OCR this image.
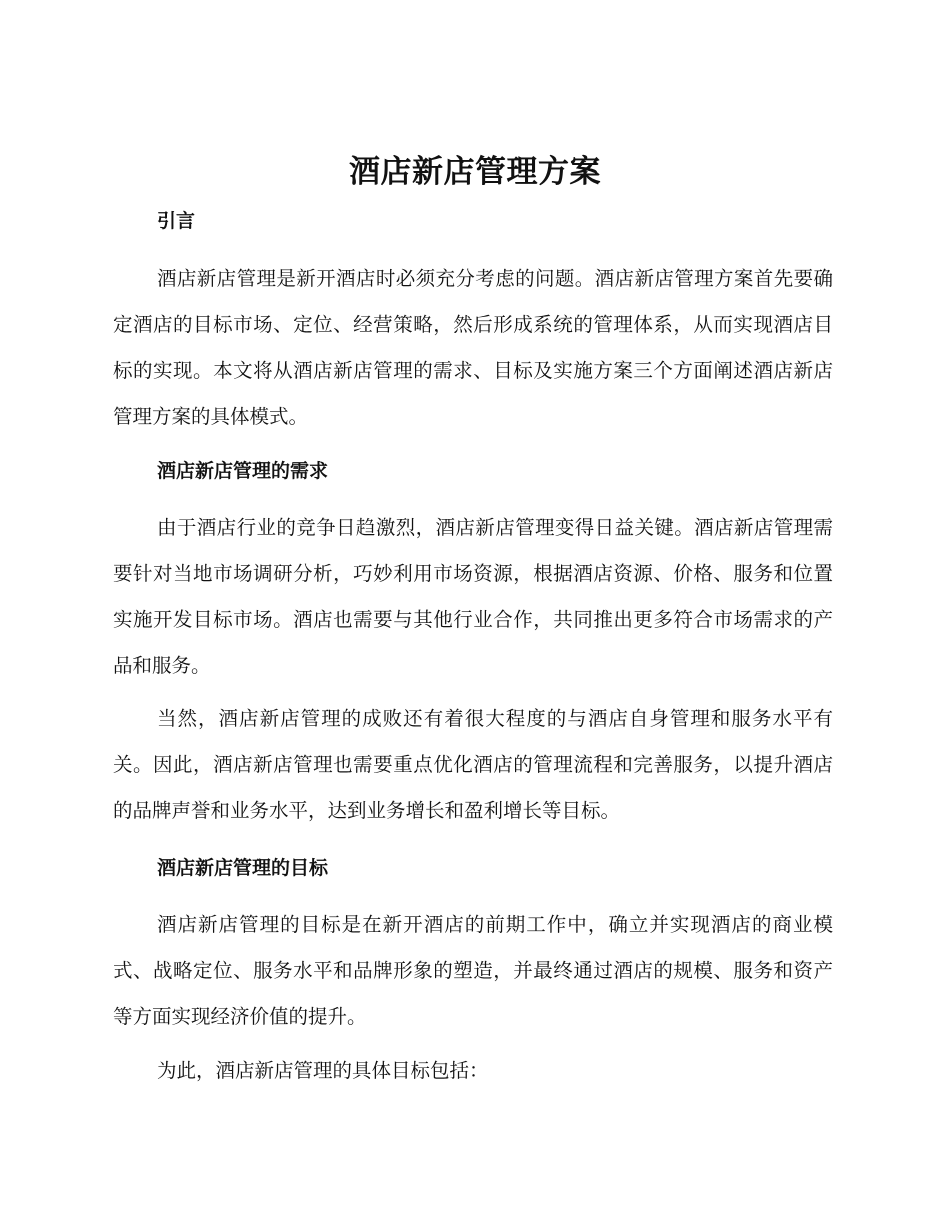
酒店新店管理方案
引言

酒店新店管理是新开酒店时必须充分考虑的问题。酒店新店管理方案首先要确定酒店的目标市场、定位、经营策略，然后形成系统的管理体系，从而实现酒店目标的实现。本文将从酒店新店管理的需求、目标及实施方案三个方面阐述酒店新店管理方案的具体模式。

酒店新店管理的需求

由于酒店行业的竞争日趋激烈，酒店新店管理变得日益关键。酒店新店管理需要针对当地市场调研分析，巧妙利用市场资源，根据酒店资源、价格、服务和位置实施开发目标市场。酒店也需要与其他行业合作，共同推出更多符合市场需求的产品和服务。

当然，酒店新店管理的成败还有着很大程度的与酒店自身管理和服务水平有关。因此，酒店新店管理也需要重点优化酒店的管理流程和完善服务，以提升酒店的品牌声誉和业务水平，达到业务增长和盈利增长等目标。

酒店新店管理的目标

酒店新店管理的目标是在新开酒店的前期工作中，确立并实现酒店的商业模式、战略定位、服务水平和品牌形象的塑造，并最终通过酒店的规模、服务和资产等方面实现经济价值的提升。

为此，酒店新店管理的具体目标包括：
